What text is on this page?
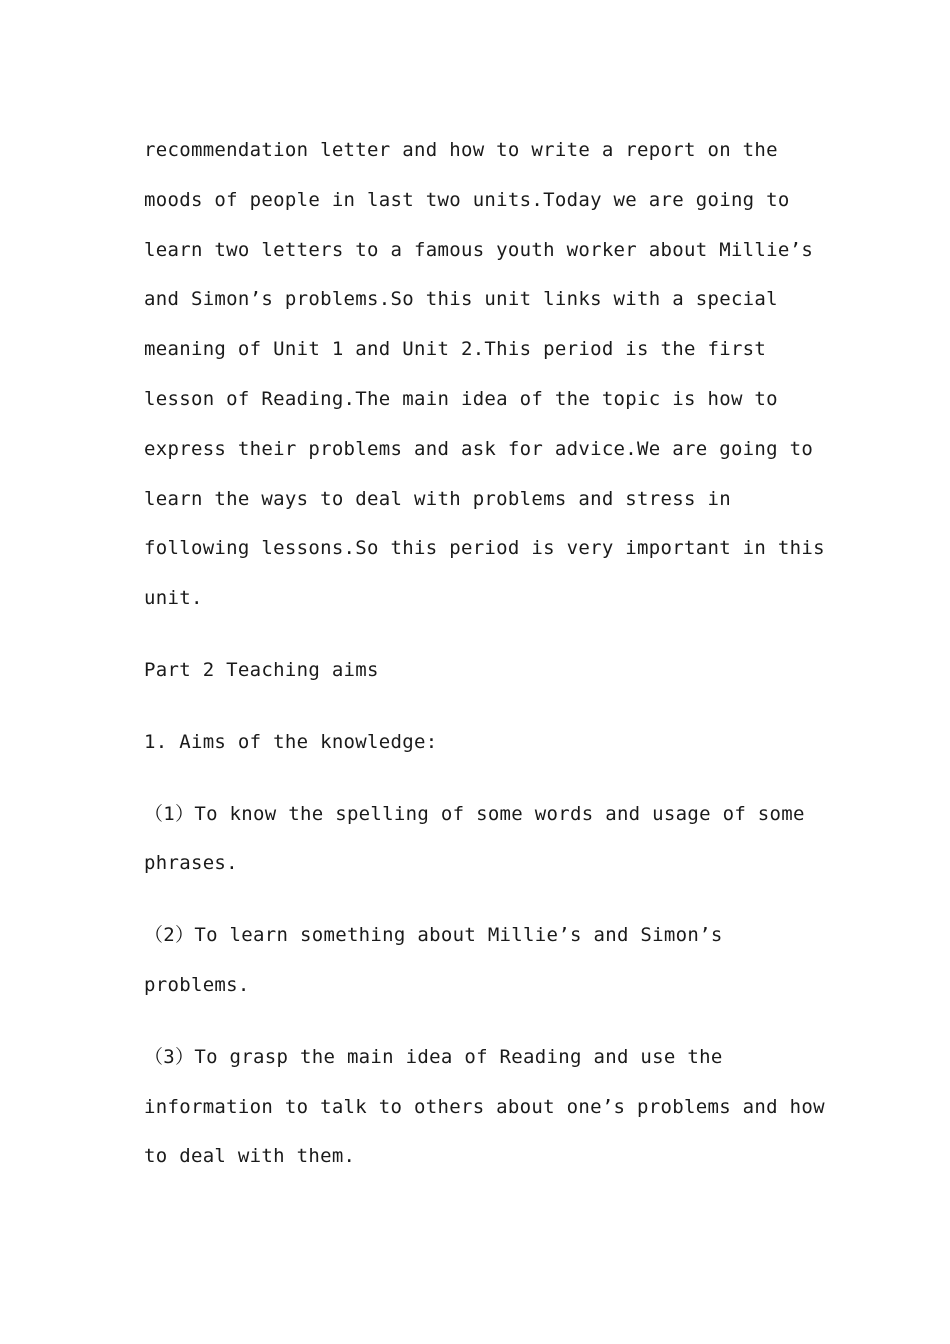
recommendation letter and how to write a report on the
moods of people in last two units.Today we are going to
learn two letters to a famous youth worker about Millie’s
and Simon’s problems.So this unit links with a special
meaning of Unit 1 and Unit 2.This period is the first
lesson of Reading.The main idea of the topic is how to
express their problems and ask for advice.We are going to
learn the ways to deal with problems and stress in
following lessons.So this period is very important in this
unit.

Part 2 Teaching aims

1. Aims of the knowledge:

（1）To know the spelling of some words and usage of some
phrases.

（2）To learn something about Millie’s and Simon’s
problems.

（3）To grasp the main idea of Reading and use the
information to talk to others about one’s problems and how
to deal with them.
